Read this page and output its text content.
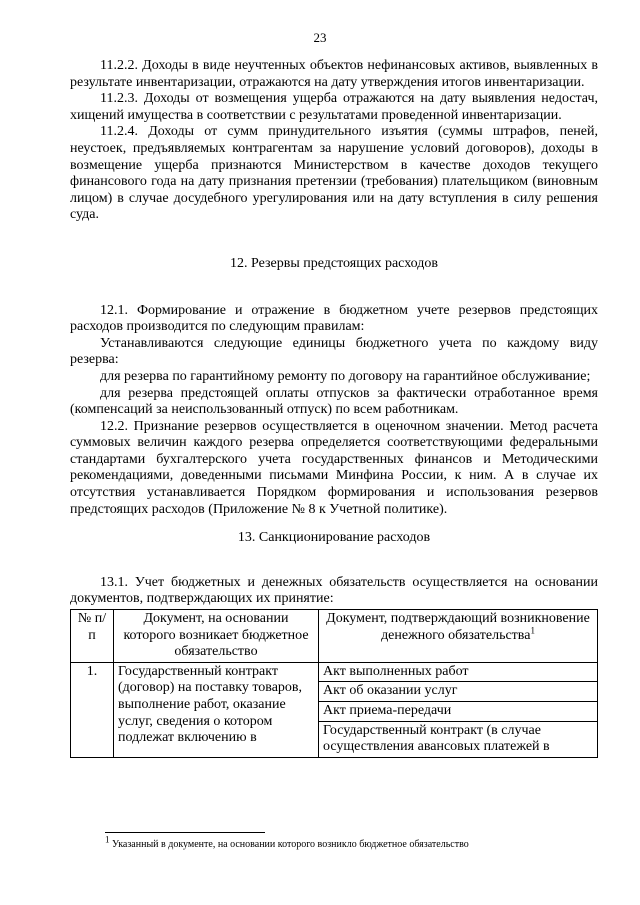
23

11.2.2. Доходы в виде неучтенных объектов нефинансовых активов, выявленных в результате инвентаризации, отражаются на дату утверждения итогов инвентаризации.

11.2.3. Доходы от возмещения ущерба отражаются на дату выявления недостач, хищений имущества в соответствии с результатами проведенной инвентаризации.

11.2.4. Доходы от сумм принудительного изъятия (суммы штрафов, пеней, неустоек, предъявляемых контрагентам за нарушение условий договоров), доходы в возмещение ущерба признаются Министерством в качестве доходов текущего финансового года на дату признания претензии (требования) плательщиком (виновным лицом) в случае досудебного урегулирования или на дату вступления в силу решения суда.

12. Резервы предстоящих расходов

12.1. Формирование и отражение в бюджетном учете резервов предстоящих расходов производится по следующим правилам:

Устанавливаются следующие единицы бюджетного учета по каждому виду резерва:

для резерва по гарантийному ремонту по договору на гарантийное обслуживание;

для резерва предстоящей оплаты отпусков за фактически отработанное время (компенсаций за неиспользованный отпуск) по всем работникам.

12.2. Признание резервов осуществляется в оценочном значении. Метод расчета суммовых величин каждого резерва определяется соответствующими федеральными стандартами бухгалтерского учета государственных финансов и Методическими рекомендациями, доведенными письмами Минфина России, к ним. А в случае их отсутствия устанавливается Порядком формирования и использования резервов предстоящих расходов (Приложение № 8 к Учетной политике).

13. Санкционирование расходов

13.1. Учет бюджетных и денежных обязательств осуществляется на основании документов, подтверждающих их принятие:

№ п/п	Документ, на основании которого возникает бюджетное обязательство	Документ, подтверждающий возникновение денежного обязательства$^1$
1.	Государственный контракт (договор) на поставку товаров, выполнение работ, оказание услуг, сведения о котором подлежат включению в	Акт выполненных работ
Акт об оказании услуг
Акт приема-передачи
Государственный контракт (в случае осуществления авансовых платежей в
$^1$ Указанный в документе, на основании которого возникло бюджетное обязательство
